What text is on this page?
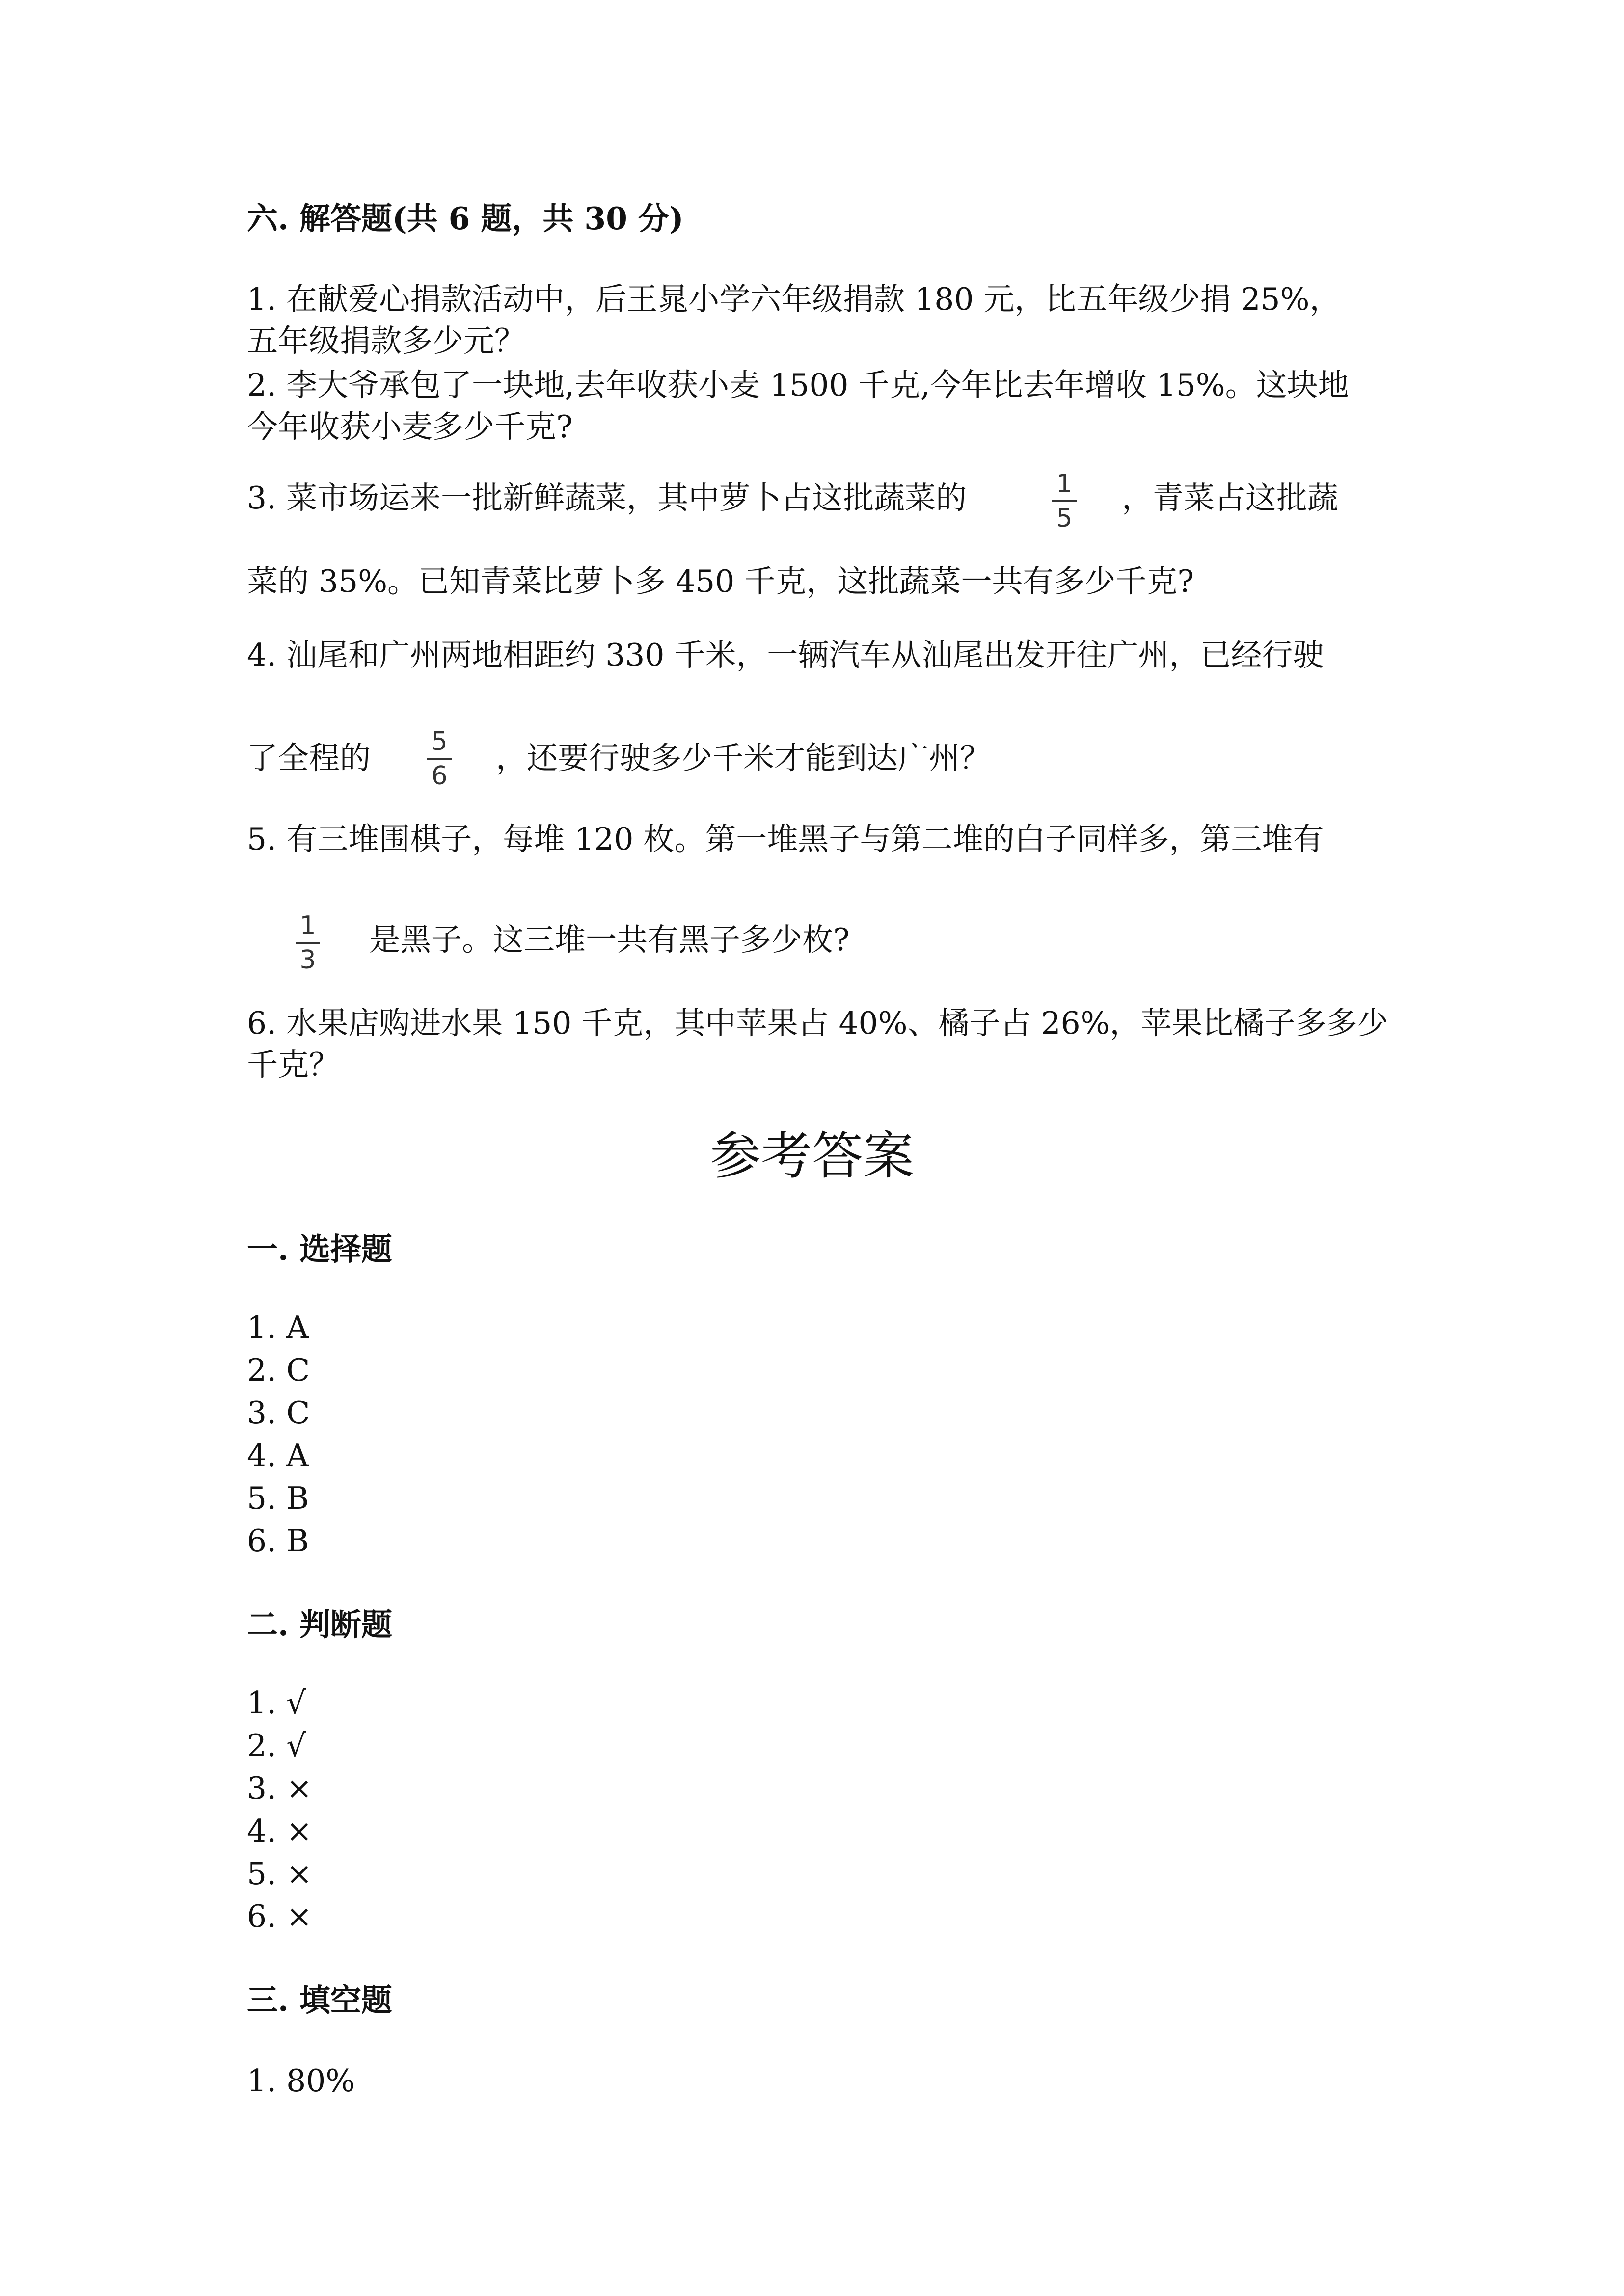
六. 解答题(共 6 题，共 30 分)
1. 在献爱心捐款活动中，后王晁小学六年级捐款 180 元，比五年级少捐 25%，
五年级捐款多少元？
2. 李大爷承包了一块地,去年收获小麦 1500 千克,今年比去年增收 15%。这块地
今年收获小麦多少千克?
3. 菜市场运来一批新鲜蔬菜，其中萝卜占这批蔬菜的	1
5
，青菜占这批蔬
菜的 35%。已知青菜比萝卜多 450 千克，这批蔬菜一共有多少千克?
4. 汕尾和广州两地相距约 330 千米，一辆汽车从汕尾出发开往广州，已经行驶
了全程的	5
6 ，还要行驶多少千米才能到达广州？
5. 有三堆围棋子，每堆 120 枚。第一堆黑子与第二堆的白子同样多，第三堆有
1
3
是黑子。这三堆一共有黑子多少枚?
6. 水果店购进水果 150 千克，其中苹果占 40%、橘子占 26%，苹果比橘子多多少
千克？
参考答案
一. 选择题
1. A
2. C
3. C
4. A
5. B
6. B
二. 判断题
1. √
2. √
3. ×
4. ×
5. ×
6. ×
三. 填空题
1. 80%
